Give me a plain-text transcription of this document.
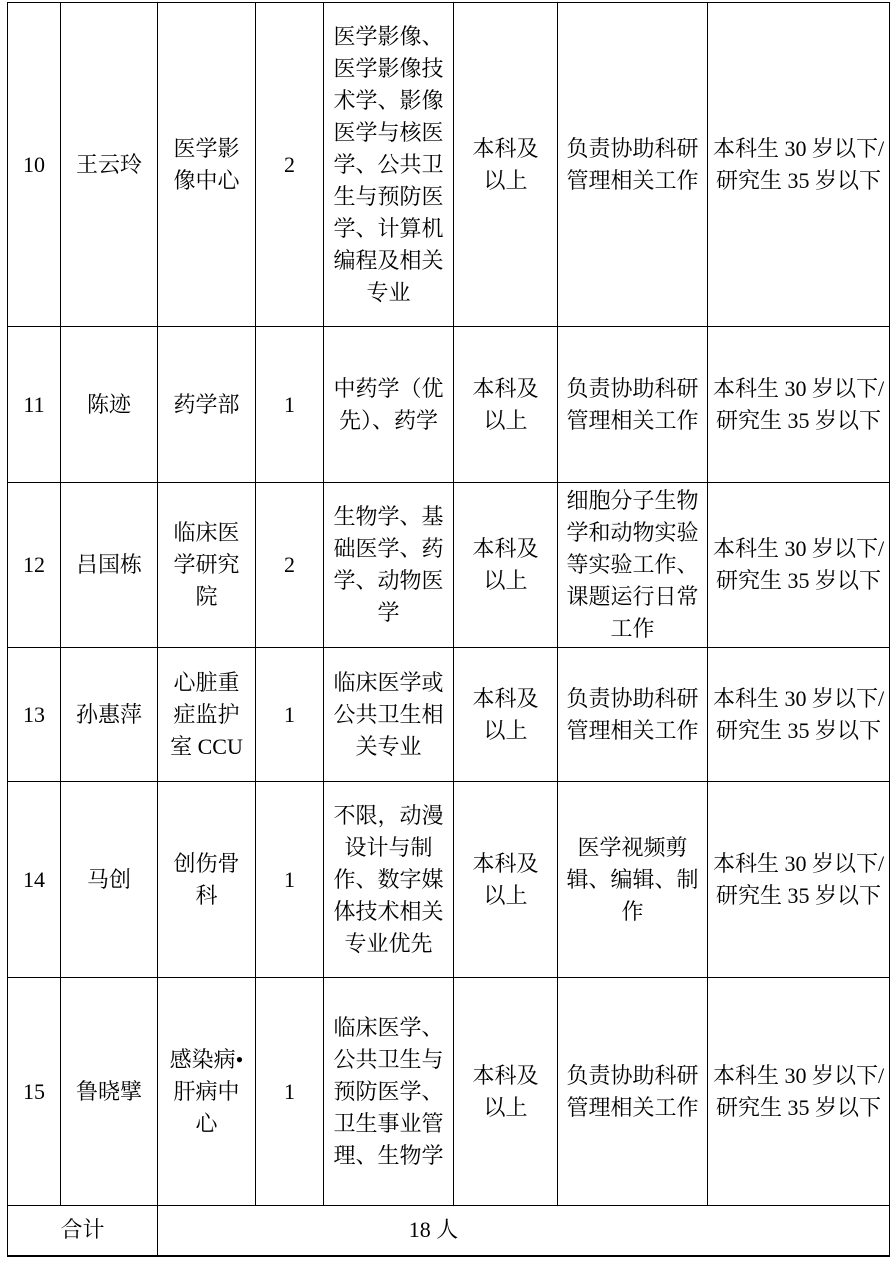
10	王云玲	医学影像中心	2	医学影像、医学影像技术学、影像医学与核医学、公共卫生与预防医学、计算机编程及相关专业	本科及以上	负责协助科研管理相关工作	本科生 30 岁以下/研究生 35 岁以下
11	陈迹	药学部	1	中药学（优先）、药学	本科及以上	负责协助科研管理相关工作	本科生 30 岁以下/研究生 35 岁以下
12	吕国栋	临床医学研究院	2	生物学、基础医学、药学、动物医学	本科及以上	细胞分子生物学和动物实验等实验工作、课题运行日常工作	本科生 30 岁以下/研究生 35 岁以下
13	孙惠萍	心脏重症监护室 CCU	1	临床医学或公共卫生相关专业	本科及以上	负责协助科研管理相关工作	本科生 30 岁以下/研究生 35 岁以下
14	马创	创伤骨科	1	不限，动漫设计与制作、数字媒体技术相关专业优先	本科及以上	医学视频剪辑、编辑、制作	本科生 30 岁以下/研究生 35 岁以下
15	鲁晓擘	感染病•肝病中心	1	临床医学、公共卫生与预防医学、卫生事业管理、生物学	本科及以上	负责协助科研管理相关工作	本科生 30 岁以下/研究生 35 岁以下
合计		18 人					
